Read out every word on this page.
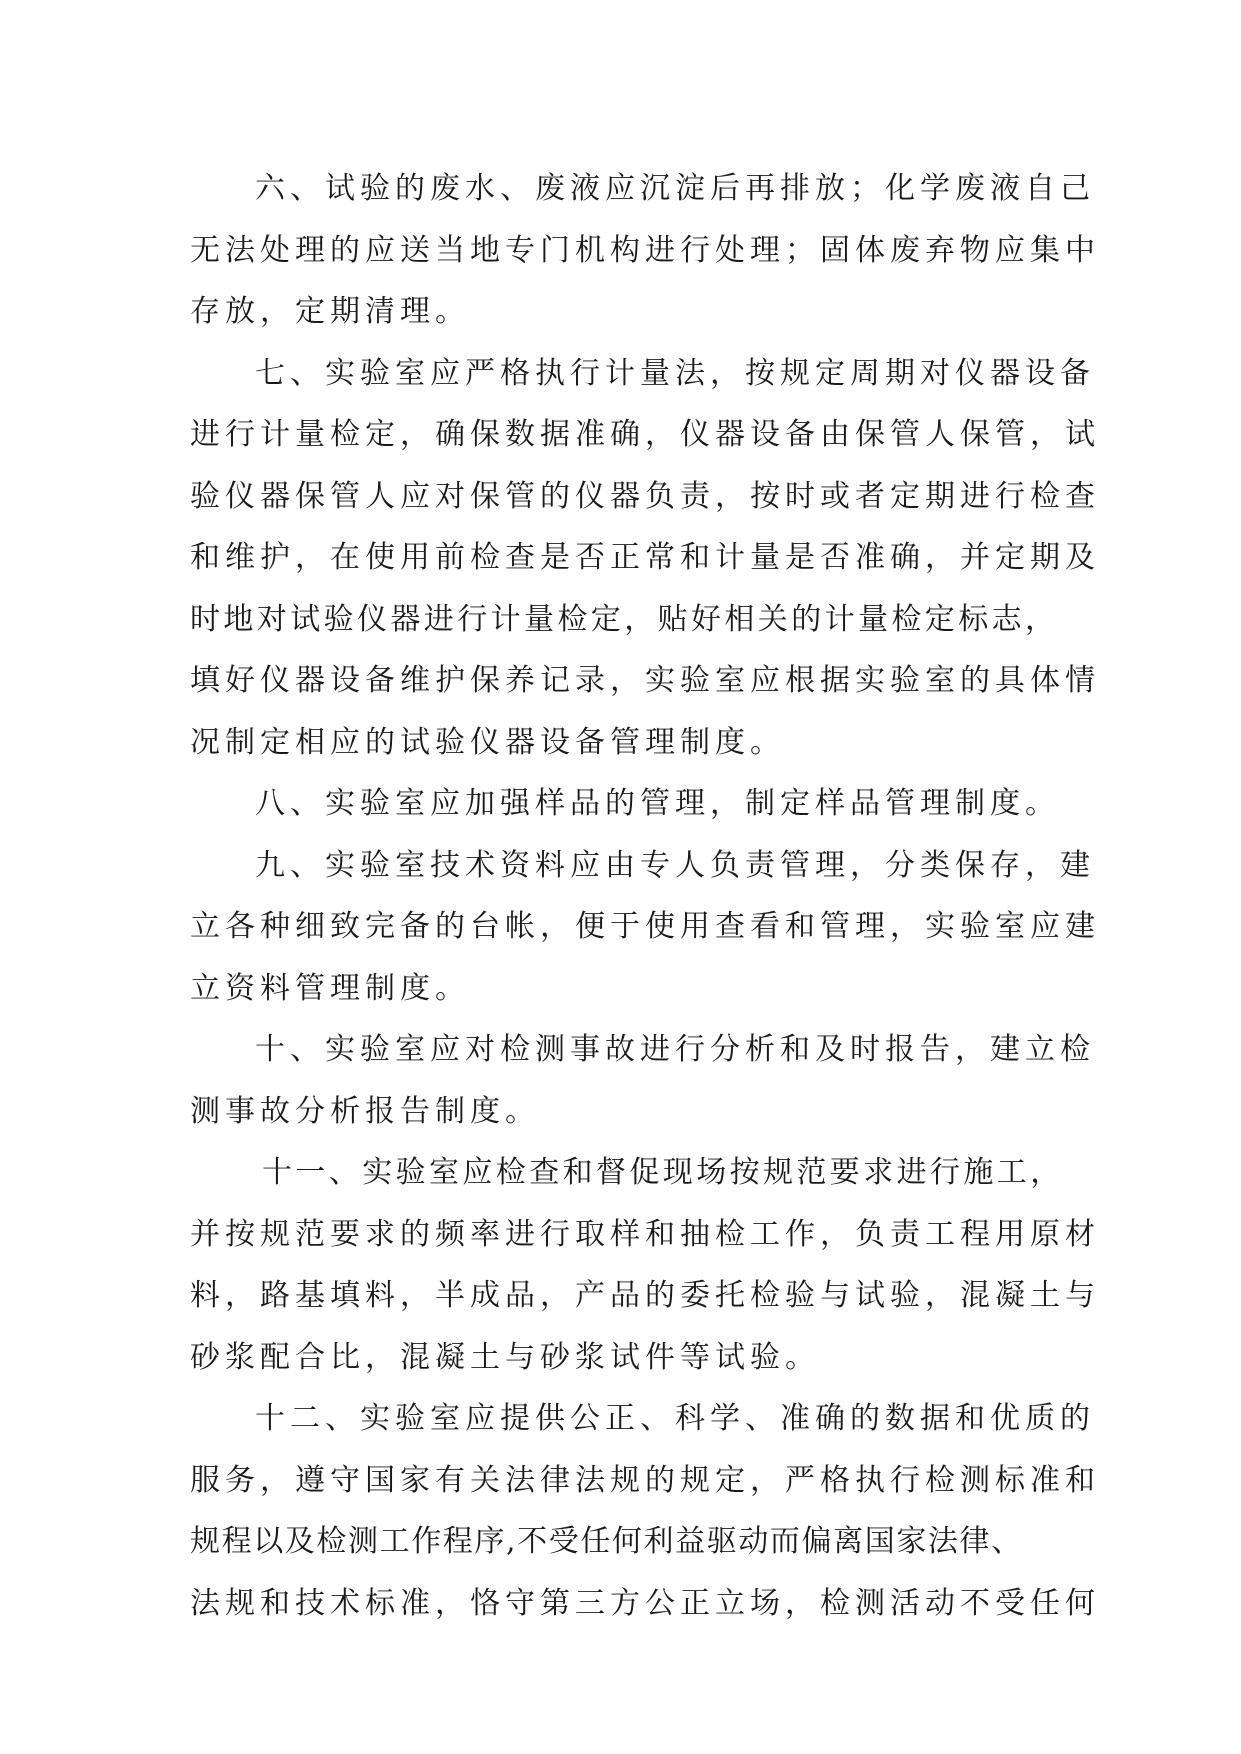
六、试验的废水、废液应沉淀后再排放；化学废液自己
无法处理的应送当地专门机构进行处理；固体废弃物应集中
存放，定期清理。
七、实验室应严格执行计量法，按规定周期对仪器设备
进行计量检定，确保数据准确，仪器设备由保管人保管，试
验仪器保管人应对保管的仪器负责，按时或者定期进行检查
和维护，在使用前检查是否正常和计量是否准确，并定期及
时地对试验仪器进行计量检定，贴好相关的计量检定标志，
填好仪器设备维护保养记录，实验室应根据实验室的具体情
况制定相应的试验仪器设备管理制度。
八、实验室应加强样品的管理，制定样品管理制度。
九、实验室技术资料应由专人负责管理，分类保存，建
立各种细致完备的台帐，便于使用查看和管理，实验室应建
立资料管理制度。
十、实验室应对检测事故进行分析和及时报告，建立检
测事故分析报告制度。
十一、实验室应检查和督促现场按规范要求进行施工，
并按规范要求的频率进行取样和抽检工作，负责工程用原材
料，路基填料，半成品，产品的委托检验与试验，混凝土与
砂浆配合比，混凝土与砂浆试件等试验。
十二、实验室应提供公正、科学、准确的数据和优质的
服务，遵守国家有关法律法规的规定，严格执行检测标准和
规程以及检测工作程序,不受任何利益驱动而偏离国家法律、
法规和技术标准，恪守第三方公正立场，检测活动不受任何
